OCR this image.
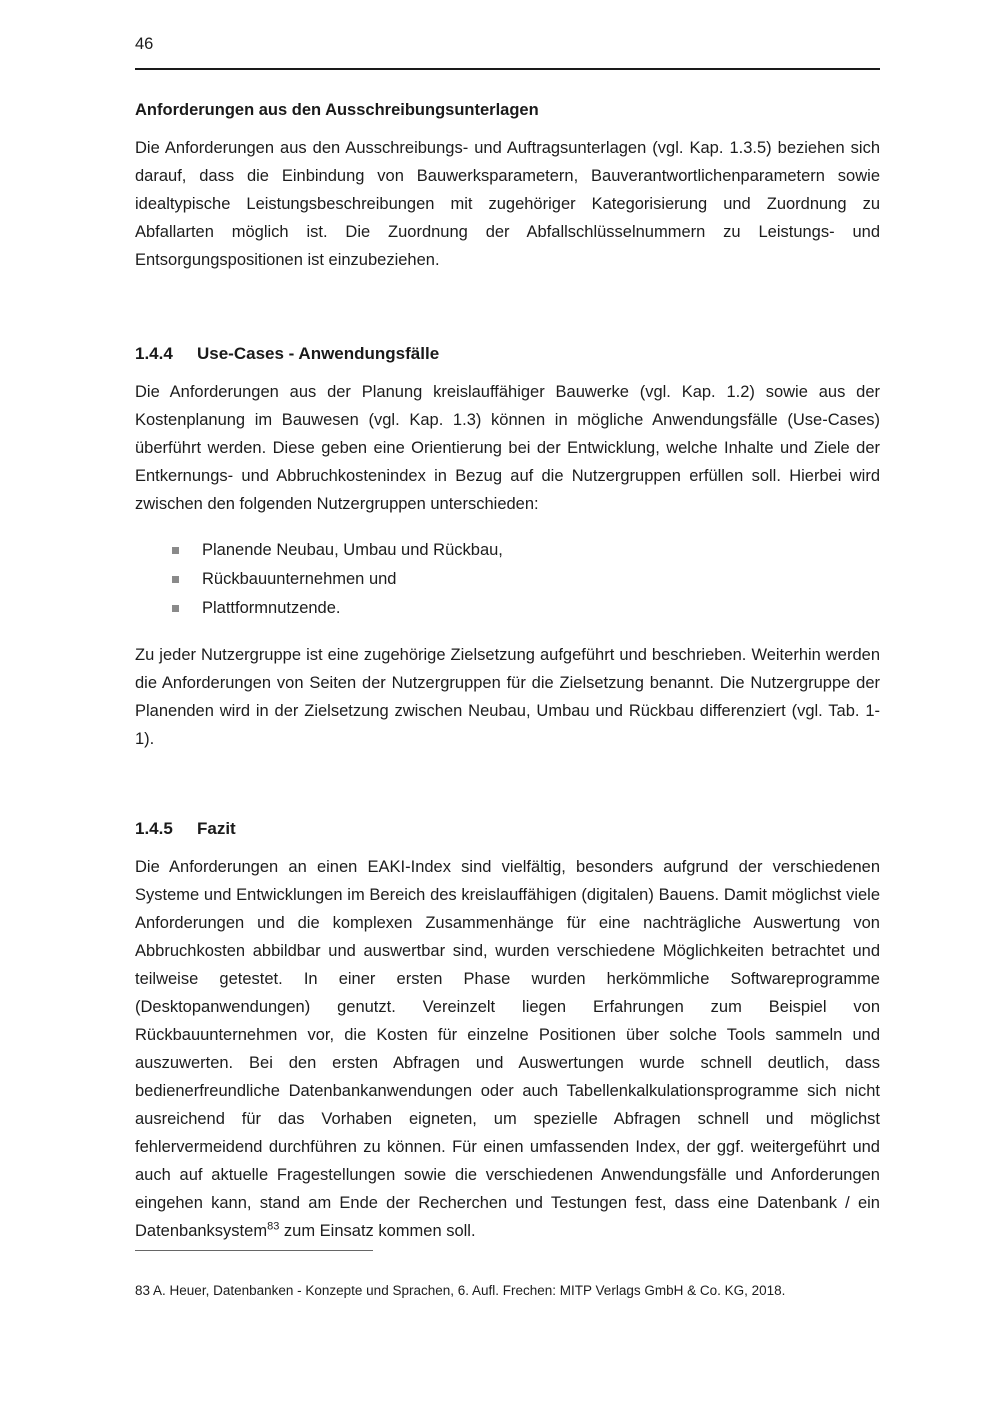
46
Anforderungen aus den Ausschreibungsunterlagen

Die Anforderungen aus den Ausschreibungs- und Auftragsunterlagen (vgl. Kap. 1.3.5) beziehen sich darauf, dass die Einbindung von Bauwerksparametern, Bauverantwortlichenparametern sowie idealtypische Leistungsbeschreibungen mit zugehöriger Kategorisierung und Zuordnung zu Abfallarten möglich ist. Die Zuordnung der Abfallschlüsselnummern zu Leistungs- und Entsorgungspositionen ist einzubeziehen.

1.4.4 Use-Cases - Anwendungsfälle

Die Anforderungen aus der Planung kreislauffähiger Bauwerke (vgl. Kap. 1.2) sowie aus der Kostenplanung im Bauwesen (vgl. Kap. 1.3) können in mögliche Anwendungsfälle (Use-Cases) überführt werden. Diese geben eine Orientierung bei der Entwicklung, welche Inhalte und Ziele der Entkernungs- und Abbruchkostenindex in Bezug auf die Nutzergruppen erfüllen soll. Hierbei wird zwischen den folgenden Nutzergruppen unterschieden:

Planende Neubau, Umbau und Rückbau,
Rückbauunternehmen und
Plattformnutzende.

Zu jeder Nutzergruppe ist eine zugehörige Zielsetzung aufgeführt und beschrieben. Weiterhin werden die Anforderungen von Seiten der Nutzergruppen für die Zielsetzung benannt. Die Nutzergruppe der Planenden wird in der Zielsetzung zwischen Neubau, Umbau und Rückbau differenziert (vgl. Tab. 1-1).

1.4.5 Fazit

Die Anforderungen an einen EAKI-Index sind vielfältig, besonders aufgrund der verschiedenen Systeme und Entwicklungen im Bereich des kreislauffähigen (digitalen) Bauens. Damit möglichst viele Anforderungen und die komplexen Zusammenhänge für eine nachträgliche Auswertung von Abbruchkosten abbildbar und auswertbar sind, wurden verschiedene Möglichkeiten betrachtet und teilweise getestet. In einer ersten Phase wurden herkömmliche Softwareprogramme (Desktopanwendungen) genutzt. Vereinzelt liegen Erfahrungen zum Beispiel von Rückbauunternehmen vor, die Kosten für einzelne Positionen über solche Tools sammeln und auszuwerten. Bei den ersten Abfragen und Auswertungen wurde schnell deutlich, dass bedienerfreundliche Datenbankanwendungen oder auch Tabellenkalkulationsprogramme sich nicht ausreichend für das Vorhaben eigneten, um spezielle Abfragen schnell und möglichst fehlervermeidend durchführen zu können. Für einen umfassenden Index, der ggf. weitergeführt und auch auf aktuelle Fragestellungen sowie die verschiedenen Anwendungsfälle und Anforderungen eingehen kann, stand am Ende der Recherchen und Testungen fest, dass eine Datenbank / ein Datenbanksystem$^{83}$ zum Einsatz kommen soll.

83 A. Heuer, Datenbanken - Konzepte und Sprachen, 6. Aufl. Frechen: MITP Verlags GmbH & Co. KG, 2018.
